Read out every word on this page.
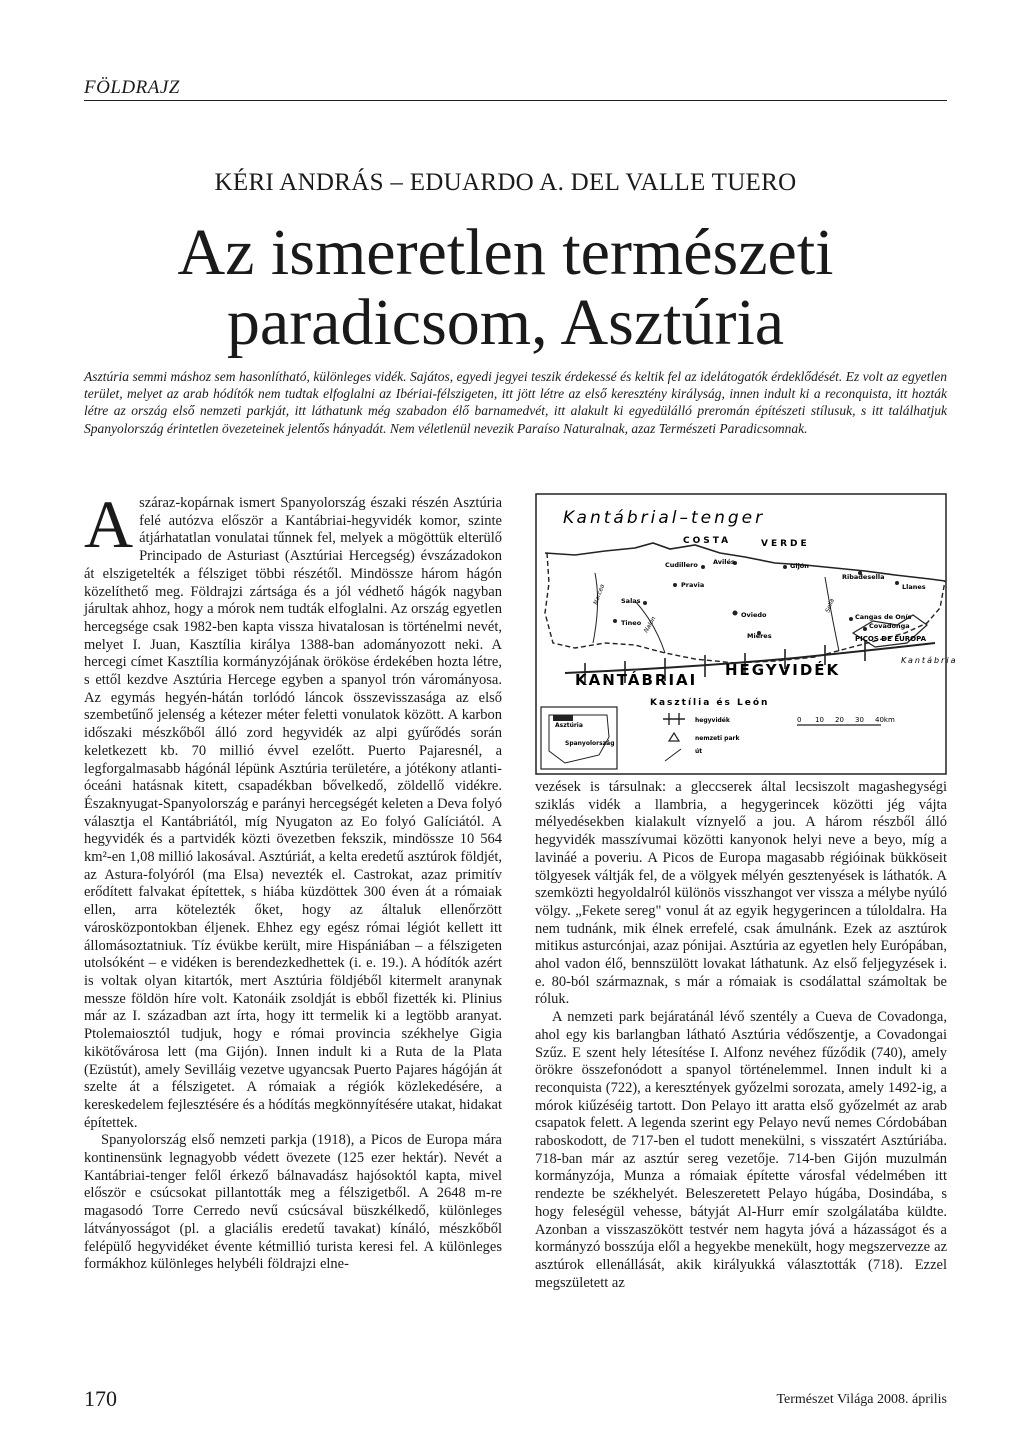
FÖLDRAJZ
KÉRI ANDRÁS – EDUARDO A. DEL VALLE TUERO
Az ismeretlen természeti
paradicsom, Asztúria

Asztúria semmi máshoz sem hasonlítható, különleges vidék. Sajátos, egyedi jegyei teszik érdekessé és keltik fel az idelátogatók érdeklődését. Ez volt az egyetlen terület, melyet az arab hódítók nem tudtak elfoglalni az Ibériai-félszigeten, itt jött létre az első keresztény királyság, innen indult ki a reconquista, itt hozták létre az ország első nemzeti parkját, itt láthatunk még szabadon élő barnamedvét, itt alakult ki egyedülálló preromán építészeti stílusuk, s itt találhatjuk Spanyolország érintetlen övezeteinek jelentős hányadát. Nem véletlenül nevezik Paraíso Naturalnak, azaz Természeti Paradicsomnak.

Aszáraz-kopárnak ismert Spanyolország északi részén Asztúria felé autózva először a Kantábriai-hegyvidék komor, szinte átjárhatatlan vonulatai tűnnek fel, melyek a mögöttük elterülő Principado de Asturiast (Asztúriai Hercegség) évszázadokon át elszigetelték a félsziget többi részétől. Mindössze három hágón közelíthető meg. Földrajzi zártsága és a jól védhető hágók nagyban járultak ahhoz, hogy a mórok nem tudták elfoglalni. Az ország egyetlen hercegsége csak 1982-ben kapta vissza hivatalosan is történelmi nevét, melyet I. Juan, Kasztília királya 1388-ban adományozott neki. A hercegi címet Kasztília kormányzójának örököse érdekében hozta létre, s ettől kezdve Asztúria Hercege egyben a spanyol trón várományosa. Az egymás hegyén-hátán torlódó láncok összevisszasága az első szembetűnő jelenség a kétezer méter feletti vonulatok között. A karbon időszaki mészkőből álló zord hegyvidék az alpi gyűrődés során keletkezett kb. 70 millió évvel ezelőtt. Puerto Pajaresnél, a legforgalmasabb hágónál lépünk Asztúria területére, a jótékony atlanti-óceáni hatásnak kitett, csapadékban bővelkedő, zöldellő vidékre. Északnyugat-Spanyolország e parányi hercegségét keleten a Deva folyó választja el Kantábriától, míg Nyugaton az Eo folyó Galíciától. A hegyvidék és a partvidék közti övezetben fekszik, mindössze 10 564 km²-en 1,08 millió lakosával. Asztúriát, a kelta eredetű asztúrok földjét, az Astura-folyóról (ma Elsa) nevezték el. Castrokat, azaz primitív erődített falvakat építettek, s hiába küzdöttek 300 éven át a rómaiak ellen, arra kötelezték őket, hogy az általuk ellenőrzött városközpontokban éljenek. Ehhez egy egész római légiót kellett itt állomásoztatniuk. Tíz évükbe került, mire Hispániában – a félszigeten utolsóként – e vidéken is berendezkedhettek (i. e. 19.). A hódítók azért is voltak olyan kitartók, mert Asztúria földjéből kitermelt aranynak messze földön híre volt. Katonáik zsoldját is ebből fizették ki. Plinius már az I. században azt írta, hogy itt termelik ki a legtöbb aranyat. Ptolemaiosztól tudjuk, hogy e római provincia székhelye Gigia kikötővárosa lett (ma Gijón). Innen indult ki a Ruta de la Plata (Ezüstút), amely Sevilláig vezetve ugyancsak Puerto Pajares hágóján át szelte át a félszigetet. A rómaiak a régiók közlekedésére, a kereskedelem fejlesztésére és a hódítás megkönnyítésére utakat, hidakat építettek.

Spanyolország első nemzeti parkja (1918), a Picos de Europa mára kontinensünk legnagyobb védett övezete (125 ezer hektár). Nevét a Kantábriai-tenger felől érkező bálnavadász hajósoktól kapta, mivel először e csúcsokat pillantották meg a félszigetből. A 2648 m-re magasodó Torre Cerredo nevű csúcsával büszkélkedő, különleges látványosságot (pl. a glaciális eredetű tavakat) kínáló, mészkőből felépülő hegyvidéket évente kétmillió turista keresi fel. A különleges formákhoz különleges helybéli földrajzi elne-

vezések is társulnak: a gleccserek által lecsiszolt magashegységi sziklás vidék a llambria, a hegygerincek közötti jég vájta mélyedésekben kialakult víznyelő a jou. A három részből álló hegyvidék masszívumai közötti kanyonok helyi neve a beyo, míg a lavináé a poveriu. A Picos de Europa magasabb régióinak bükköseit tölgyesek váltják fel, de a völgyek mélyén gesztenyések is láthatók. A szemközti hegyoldalról különös visszhangot ver vissza a mélybe nyúló völgy. „Fekete sereg" vonul át az egyik hegygerincen a túloldalra. Ha nem tudnánk, mik élnek errefelé, csak ámulnánk. Ezek az asztúrok mitikus asturcónjai, azaz pónijai. Asztúria az egyetlen hely Európában, ahol vadon élő, bennszülött lovakat láthatunk. Az első feljegyzések i. e. 80-ból származnak, s már a rómaiak is csodálattal számoltak be róluk.

A nemzeti park bejáratánál lévő szentély a Cueva de Covadonga, ahol egy kis barlangban látható Asztúria védőszentje, a Covadongai Szűz. E szent hely létesítése I. Alfonz nevéhez fűződik (740), amely örökre összefonódott a spanyol történelemmel. Innen indult ki a reconquista (722), a keresztények győzelmi sorozata, amely 1492-ig, a mórok kiűzéséig tartott. Don Pelayo itt aratta első győzelmét az arab csapatok felett. A legenda szerint egy Pelayo nevű nemes Córdobában raboskodott, de 717-ben el tudott menekülni, s visszatért Asztúriába. 718-ban már az asztúr sereg vezetője. 714-ben Gijón muzulmán kormányzója, Munza a rómaiak építette városfal védelmében itt rendezte be székhelyét. Beleszeretett Pelayo húgába, Dosindába, s hogy feleségül vehesse, bátyját Al-Hurr emír szolgálatába küldte. Azonban a visszaszökött testvér nem hagyta jóvá a házasságot és a kormányzó bosszúja elől a hegyekbe menekült, hogy megszervezze az asztúrok ellenállását, akik királyukká választották (718). Ezzel megszületett az

Kantábrial–tenger
COSTA	VERDE
Cudillero Avilés	Gijón
Pravia
Ribadesella
Llanes
Salas
Oviedo
Tineo
Cangas de Onís
Covadonga
Mieres
Narcea
Nalón
Sella
KANTÁBRIAI
HEGYVIDÉK
PICOS DE EUROPA
Kantábria
Kasztília és León
Asztúria
Spanyolország
hegyvidék
nemzeti park
út
0 10 20 30 40km
170	Természet Világa 2008. április
